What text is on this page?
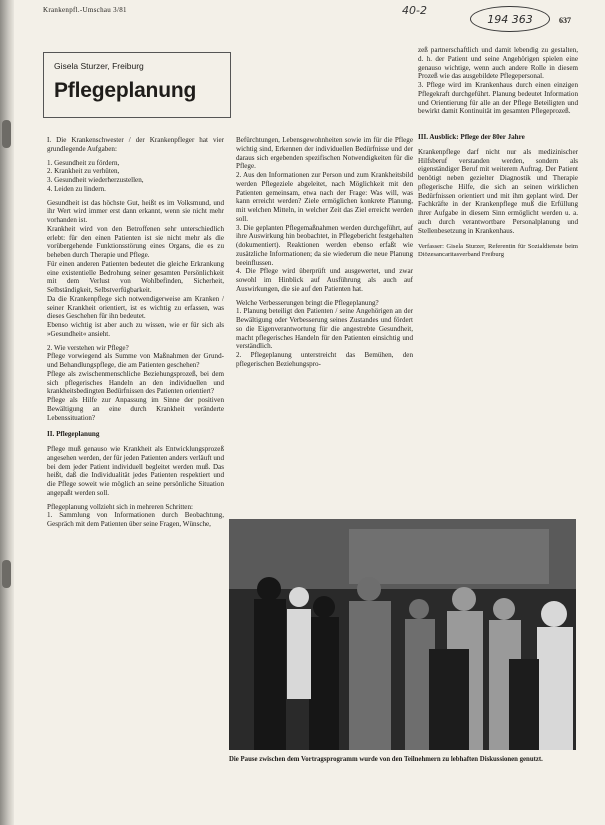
Krankenpfl.-Umschau 3/81	40-2
194 363	637
Gisela Sturzer, Freiburg
Pflegeplanung

I. Die Krankenschwester / der Krankenpfleger hat vier grundlegende Aufgaben:

1. Gesundheit zu fördern,

2. Krankheit zu verhüten,

3. Gesundheit wiederherzustellen,

4. Leiden zu lindern.

Gesundheit ist das höchste Gut, heißt es im Volksmund, und ihr Wert wird immer erst dann erkannt, wenn sie nicht mehr vorhanden ist.

Krankheit wird von den Betroffenen sehr unterschiedlich erlebt: für den einen Patienten ist sie nicht mehr als die vorübergehende Funktionsstörung eines Organs, die es zu beheben durch Therapie und Pflege.

Für einen anderen Patienten bedeutet die gleiche Erkrankung eine existentielle Bedrohung seiner gesamten Persönlichkeit mit dem Verlust von Wohlbefinden, Sicherheit, Selbständigkeit, Selbstverfügbarkeit.

Da die Krankenpflege sich notwendigerweise am Kranken / seiner Krankheit orientiert, ist es wichtig zu erfassen, was dieses Geschehen für ihn bedeutet.

Ebenso wichtig ist aber auch zu wissen, wie er für sich als »Gesundheit« ansieht.

2. Wie verstehen wir Pflege?

Pflege vorwiegend als Summe von Maßnahmen der Grund- und Behandlungspflege, die am Patienten geschehen?

Pflege als zwischenmenschliche Beziehungsprozeß, bei dem sich pflegerisches Handeln an den individuellen und krankheitsbedingten Bedürfnissen des Patienten orientiert?

Pflege als Hilfe zur Anpassung im Sinne der positiven Bewältigung an eine durch Krankheit veränderte Lebenssituation?

II. Pflegeplanung

Pflege muß genauso wie Krankheit als Entwicklungsprozeß angesehen werden, der für jeden Patienten anders verläuft und bei dem jeder Patient individuell begleitet werden muß. Das heißt, daß die Individualität jedes Patienten respektiert und die Pflege soweit wie möglich an seine persönliche Situation angepaßt werden soll.

Pflegeplanung vollzieht sich in mehreren Schritten:

1. Sammlung von Informationen durch Beobachtung, Gespräch mit dem Patienten über seine Fragen, Wünsche,

Befürchtungen, Lebensgewohnheiten sowie im für die Pflege wichtig sind, Erkennen der individuellen Bedürfnisse und der daraus sich ergebenden spezifischen Notwendigkeiten für die Pflege.

2. Aus den Informationen zur Person und zum Krankheitsbild werden Pflegeziele abgeleitet, nach Möglichkeit mit den Patienten gemeinsam, etwa nach der Frage: Was will, was kann erreicht werden? Ziele ermöglichen konkrete Planung, mit welchen Mitteln, in welcher Zeit das Ziel erreicht werden soll.

3. Die geplanten Pflegemaßnahmen werden durchgeführt, auf ihre Auswirkung hin beobachtet, in Pflegebericht festgehalten (dokumentiert). Reaktionen werden ebenso erfaßt wie zusätzliche Informationen; da sie wiederum die neue Planung beeinflussen.

4. Die Pflege wird überprüft und ausgewertet, und zwar sowohl im Hinblick auf Ausführung als auch auf Auswirkungen, die sie auf den Patienten hat.

Welche Verbesserungen bringt die Pflegeplanung?

1. Planung beteiligt den Patienten / seine Angehörigen an der Bewältigung oder Verbesserung seines Zustandes und fördert so die Eigenverantwortung für die angestrebte Gesundheit, macht pflegerisches Handeln für den Patienten einsichtig und verständlich.

2. Pflegeplanung unterstreicht das Bemühen, den pflegerischen Beziehungspro-

zeß partnerschaftlich und damit lebendig zu gestalten, d. h. der Patient und seine Angehörigen spielen eine genauso wichtige, wenn auch andere Rolle in diesem Prozeß wie das ausgebildete Pflegepersonal.

3. Pflege wird im Krankenhaus durch einen einzigen Pflegekraft durchgeführt. Planung bedeutet Information und Orientierung für alle an der Pflege Beteiligten und bewirkt damit Kontinuität im gesamten Pflegeprozeß.

III. Ausblick: Pflege der 80er Jahre

Krankenpflege darf nicht nur als medizinischer Hilfsberuf verstanden werden, sondern als eigenständiger Beruf mit weiterem Auftrag. Der Patient benötigt neben gezielter Diagnostik und Therapie pflegerische Hilfe, die sich an seinen wirklichen Bedürfnissen orientiert und mit ihm geplant wird. Der Fachkräfte in der Krankenpflege muß die Erfüllung ihrer Aufgabe in diesem Sinn ermöglicht werden u. a. auch durch verantwortbare Personalplanung und Stellenbesetzung in Krankenhaus.

Verfasser: Gisela Sturzer, Referentin für Sozialdienste beim Diözesancaritasverband Freiburg

Die Pause zwischen dem Vortragsprogramm wurde von den Teilnehmern zu lebhaften Diskussionen genutzt.
